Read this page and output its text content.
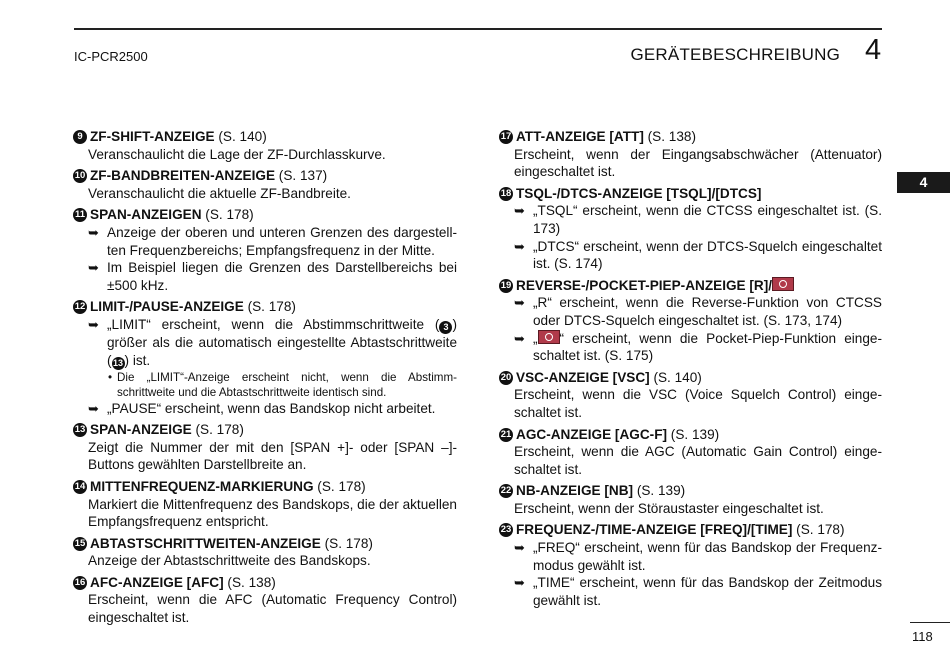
IC-PCR2500	GERÄTEBESCHREIBUNG 4
4
118
9 ZF-SHIFT-ANZEIGE (S. 140)
Veranschaulicht die Lage der ZF-Durchlasskurve.
10 ZF-BANDBREITEN-ANZEIGE (S. 137)
Veranschaulicht die aktuelle ZF-Bandbreite.
11 SPAN-ANZEIGEN (S. 178)
➥ Anzeige der oberen und unteren Grenzen des dargestellten Frequenzbereichs; Empfangsfrequenz in der Mitte.
➥ Im Beispiel liegen die Grenzen des Darstellbereichs bei ±500 kHz.
12 LIMIT-/PAUSE-ANZEIGE (S. 178)
➥ „LIMIT“ erscheint, wenn die Abstimmschrittweite ( 3 ) größer als die automatisch eingestellte Abtastschrittweite (13 ) ist.
• Die „LIMIT“-Anzeige erscheint nicht, wenn die Abstimmschrittweite und die Abtastschrittweite identisch sind.
➥ „PAUSE“ erscheint, wenn das Bandskop nicht arbeitet.
13 SPAN-ANZEIGE (S. 178)
Zeigt die Nummer der mit den [SPAN +]- oder [SPAN –]-Buttons gewählten Darstellbreite an.
14 MITTENFREQUENZ-MARKIERUNG (S. 178)
Markiert die Mittenfrequenz des Bandskops, die der aktuellen Empfangsfrequenz entspricht.
15 ABTASTSCHRITTWEITEN-ANZEIGE (S. 178)
Anzeige der Abtastschrittweite des Bandskops.
16 AFC-ANZEIGE [AFC] (S. 138)
Erscheint, wenn die AFC (Automatic Frequency Control) eingeschaltet ist.
17 ATT-ANZEIGE [ATT] (S. 138)
Erscheint, wenn der Eingangsabschwächer (Attenuator) eingeschaltet ist.
18 TSQL-/DTCS-ANZEIGE [TSQL]/[DTCS]
➥ „TSQL“ erscheint, wenn die CTCSS eingeschaltet ist. (S. 173)
➥ „DTCS“ erscheint, wenn der DTCS-Squelch eingeschaltet ist. (S. 174)
19 REVERSE-/POCKET-PIEP-ANZEIGE [R]/
➥ „R“ erscheint, wenn die Reverse-Funktion von CTCSS oder DTCS-Squelch eingeschaltet ist. (S. 173, 174)
➥ „ “ erscheint, wenn die Pocket-Piep-Funktion eingeschaltet ist. (S. 175)
20 VSC-ANZEIGE [VSC] (S. 140)
Erscheint, wenn die VSC (Voice Squelch Control) eingeschaltet ist.
21 AGC-ANZEIGE [AGC-F] (S. 139)
Erscheint, wenn die AGC (Automatic Gain Control) eingeschaltet ist.
22 NB-ANZEIGE [NB] (S. 139)
Erscheint, wenn der Störaustaster eingeschaltet ist.
23 FREQUENZ-/TIME-ANZEIGE [FREQ]/[TIME] (S. 178)
➥ „FREQ“ erscheint, wenn für das Bandskop der Frequenzmodus gewählt ist.
➥ „TIME“ erscheint, wenn für das Bandskop der Zeitmodus gewählt ist.
